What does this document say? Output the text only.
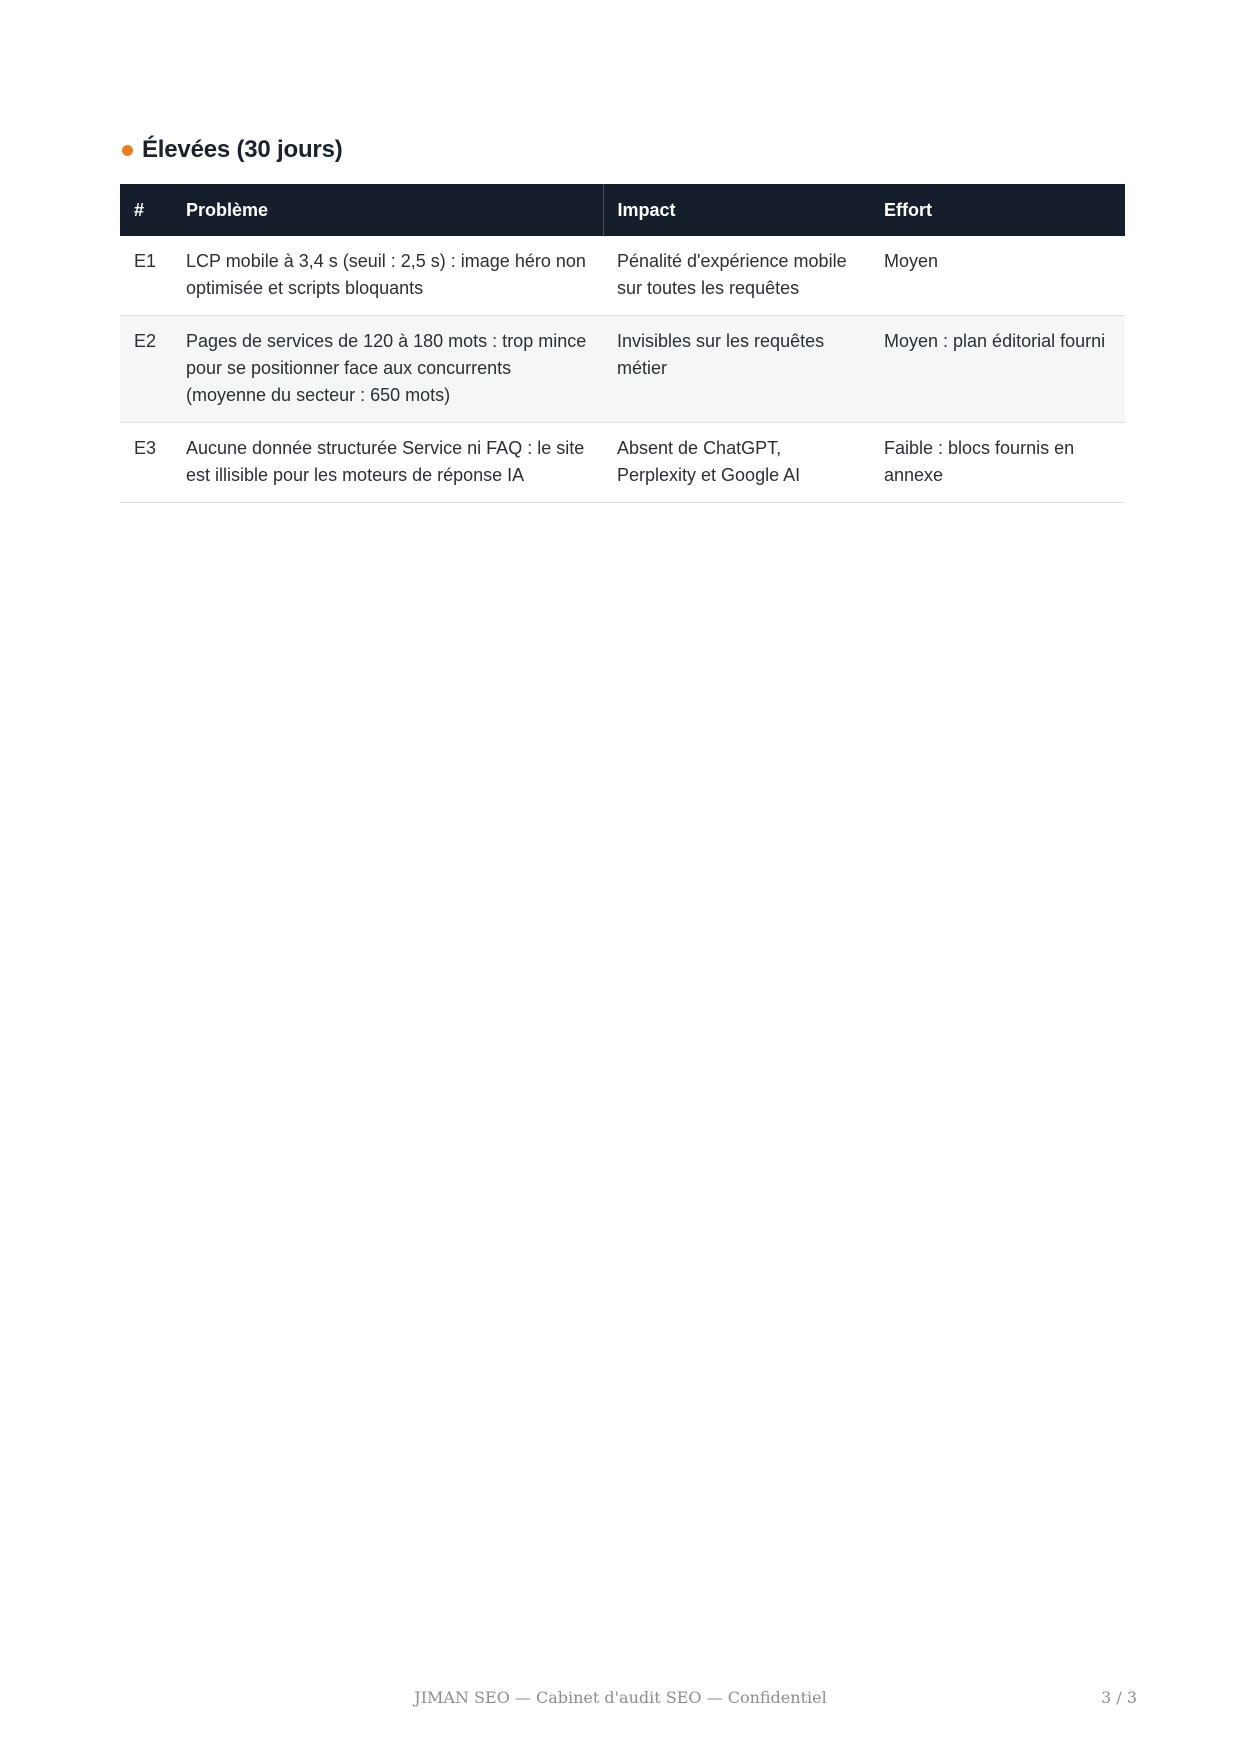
Élevées (30 jours)
#	Problème	Impact	Effort
E1	LCP mobile à 3,4 s (seuil : 2,5 s) : image héro non optimisée et scripts bloquants	Pénalité d'expérience mobile sur toutes les requêtes	Moyen
E2	Pages de services de 120 à 180 mots : trop mince pour se positionner face aux concurrents (moyenne du secteur : 650 mots)	Invisibles sur les requêtes métier	Moyen : plan éditorial fourni
E3	Aucune donnée structurée Service ni FAQ : le site est illisible pour les moteurs de réponse IA	Absent de ChatGPT, Perplexity et Google AI	Faible : blocs fournis en annexe
JIMAN SEO — Cabinet d'audit SEO — Confidentiel	3 / 3
